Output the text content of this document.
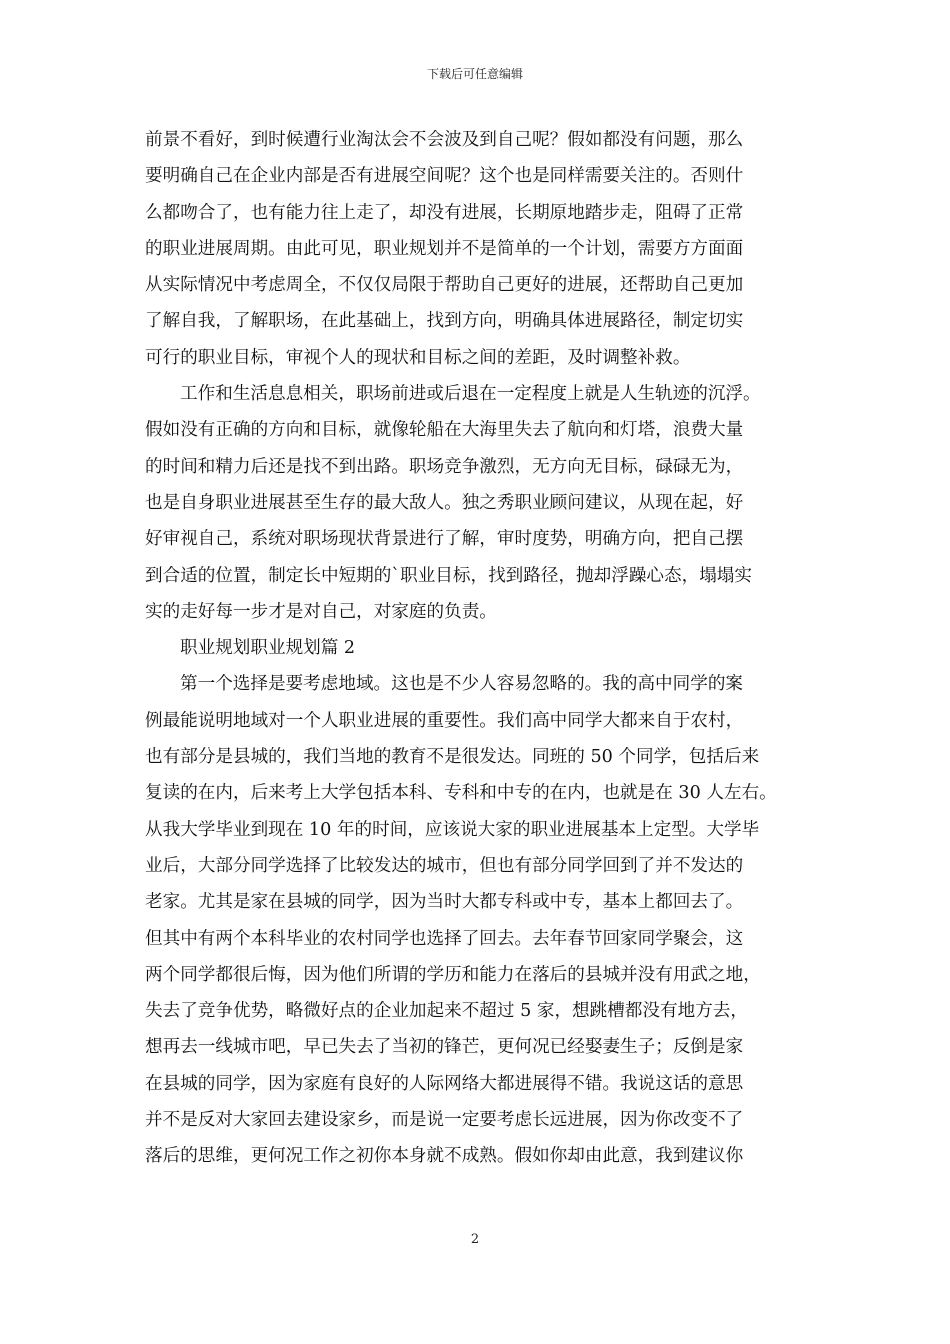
下载后可任意编辑
前景不看好，到时候遭行业淘汰会不会波及到自己呢？假如都没有问题，那么
要明确自己在企业内部是否有进展空间呢？这个也是同样需要关注的。否则什
么都吻合了，也有能力往上走了，却没有进展，长期原地踏步走，阻碍了正常
的职业进展周期。由此可见，职业规划并不是简单的一个计划，需要方方面面
从实际情况中考虑周全，不仅仅局限于帮助自己更好的进展，还帮助自己更加
了解自我，了解职场，在此基础上，找到方向，明确具体进展路径，制定切实
可行的职业目标，审视个人的现状和目标之间的差距，及时调整补救。
工作和生活息息相关，职场前进或后退在一定程度上就是人生轨迹的沉浮。
假如没有正确的方向和目标，就像轮船在大海里失去了航向和灯塔，浪费大量
的时间和精力后还是找不到出路。职场竞争激烈，无方向无目标，碌碌无为，
也是自身职业进展甚至生存的最大敌人。独之秀职业顾问建议，从现在起，好
好审视自己，系统对职场现状背景进行了解，审时度势，明确方向，把自己摆
到合适的位置，制定长中短期的`职业目标，找到路径，抛却浮躁心态，塌塌实
实的走好每一步才是对自己，对家庭的负责。
职业规划职业规划篇 2
第一个选择是要考虑地域。这也是不少人容易忽略的。我的高中同学的案
例最能说明地域对一个人职业进展的重要性。我们高中同学大都来自于农村，
也有部分是县城的，我们当地的教育不是很发达。同班的 50 个同学，包括后来
复读的在内，后来考上大学包括本科、专科和中专的在内，也就是在 30 人左右。
从我大学毕业到现在 10 年的时间，应该说大家的职业进展基本上定型。大学毕
业后，大部分同学选择了比较发达的城市，但也有部分同学回到了并不发达的
老家。尤其是家在县城的同学，因为当时大都专科或中专，基本上都回去了。
但其中有两个本科毕业的农村同学也选择了回去。去年春节回家同学聚会，这
两个同学都很后悔，因为他们所谓的学历和能力在落后的县城并没有用武之地，
失去了竞争优势，略微好点的企业加起来不超过 5 家，想跳槽都没有地方去，
想再去一线城市吧，早已失去了当初的锋芒，更何况已经娶妻生子；反倒是家
在县城的同学，因为家庭有良好的人际网络大都进展得不错。我说这话的意思
并不是反对大家回去建设家乡，而是说一定要考虑长远进展，因为你改变不了
落后的思维，更何况工作之初你本身就不成熟。假如你却由此意，我到建议你
2
